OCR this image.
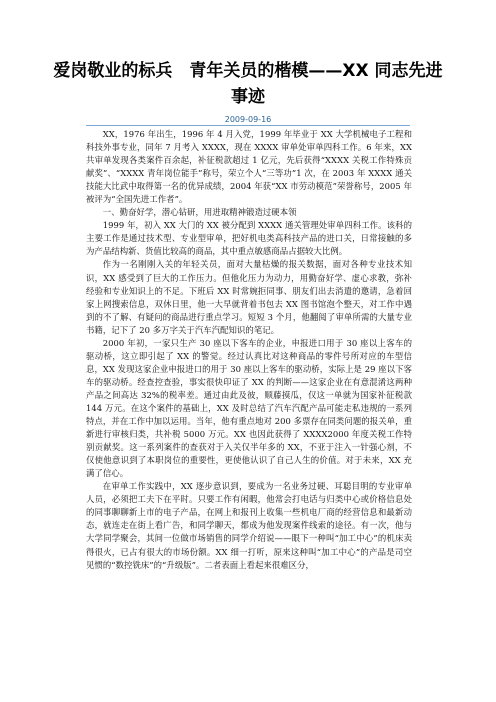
爱岗敬业的标兵　青年关员的楷模——XX 同志先进
事迹
2009-09-16

XX，1976 年出生，1996 年 4 月入党，1999 年毕业于 XX 大学机械电子工程和科技外事专业，同年 7 月考入 XXXX，现在 XXXX 审单处审单四科工作。6 年来，XX 共审单发现各类案件百余起，补征税款超过 1 亿元，先后获得“XXXX 关税工作特殊贡献奖”、“XXXX 青年岗位能手”称号，荣立个人“三等功”1 次，在 2003 年 XXXX 通关技能大比武中取得第一名的优异成绩，2004 年获“XX 市劳动模范”荣誉称号，2005 年被评为“全国先进工作者”。

一、勤奋好学，潜心钻研，用进取精神锻造过硬本领

1999 年，初入 XX 大门的 XX 被分配到 XXXX 通关管理处审单四科工作。该科的主要工作是通过技术型、专业型审单，把好机电类高科技产品的进口关，日常接触的多为产品结构新、货值比较高的商品，其中重点敏感商品占据较大比例。

作为一名刚刚入关的年轻关员，面对大量枯燥的报关数据，面对各种专业技术知识，XX 感受到了巨大的工作压力。但他化压力为动力，用勤奋好学、虚心求教，弥补经验和专业知识上的不足。下班后 XX 时常婉拒同事、朋友们出去消遣的邀请，急着回家上网搜索信息，双休日里，他一大早就背着书包去 XX 图书馆泡个整天，对工作中遇到的不了解、有疑问的商品进行重点学习。短短 3 个月，他翻阅了审单所需的大量专业书籍，记下了 20 多万字关于汽车汽配知识的笔记。

2000 年初，一家只生产 30 座以下客车的企业，申报进口用于 30 座以上客车的驱动桥，这立即引起了 XX 的警觉。经过认真比对这种商品的零件号所对应的车型信息，XX 发现这家企业申报进口的用于 30 座以上客车的驱动桥，实际上是 29 座以下客车的驱动桥。经查控查验，事实很快印证了 XX 的判断——这家企业在有意混淆这两种产品之间高达 32%的税率差。通过由此及彼，顺藤摸瓜，仅这一单就为国家补征税款 144 万元。在这个案件的基础上，XX 及时总结了汽车汽配产品可能走私违规的一系列特点，并在工作中加以运用。当年，他有重点地对 200 多票存在同类问题的报关单，重新进行审核归类，共补税 5000 万元。XX 也因此获得了 XXXX2000 年度关税工作特别贡献奖。这一系列案件的查获对于入关仅半年多的 XX，不亚于注入一针强心剂，不仅使他意识到了本职岗位的重要性，更使他认识了自己人生的价值。对于未来，XX 充满了信心。

在审单工作实践中，XX 逐步意识到，要成为一名业务过硬、耳聪目明的专业审单人员，必须把工夫下在平时。只要工作有闲暇，他常会打电话与归类中心或价格信息处的同事聊聊新上市的电子产品，在网上和报刊上收集一些机电厂商的经营信息和最新动态，就连走在街上看广告，和同学聊天，都成为他发现案件线索的途径。有一次，他与大学同学聚会，其间一位做市场销售的同学介绍说——眼下一种叫“加工中心”的机床卖得很火，已占有很大的市场份额。XX 细一打听，原来这种叫“加工中心”的产品是司空见惯的“数控铣床”的“升级版”。二者表面上看起来很难区分，
